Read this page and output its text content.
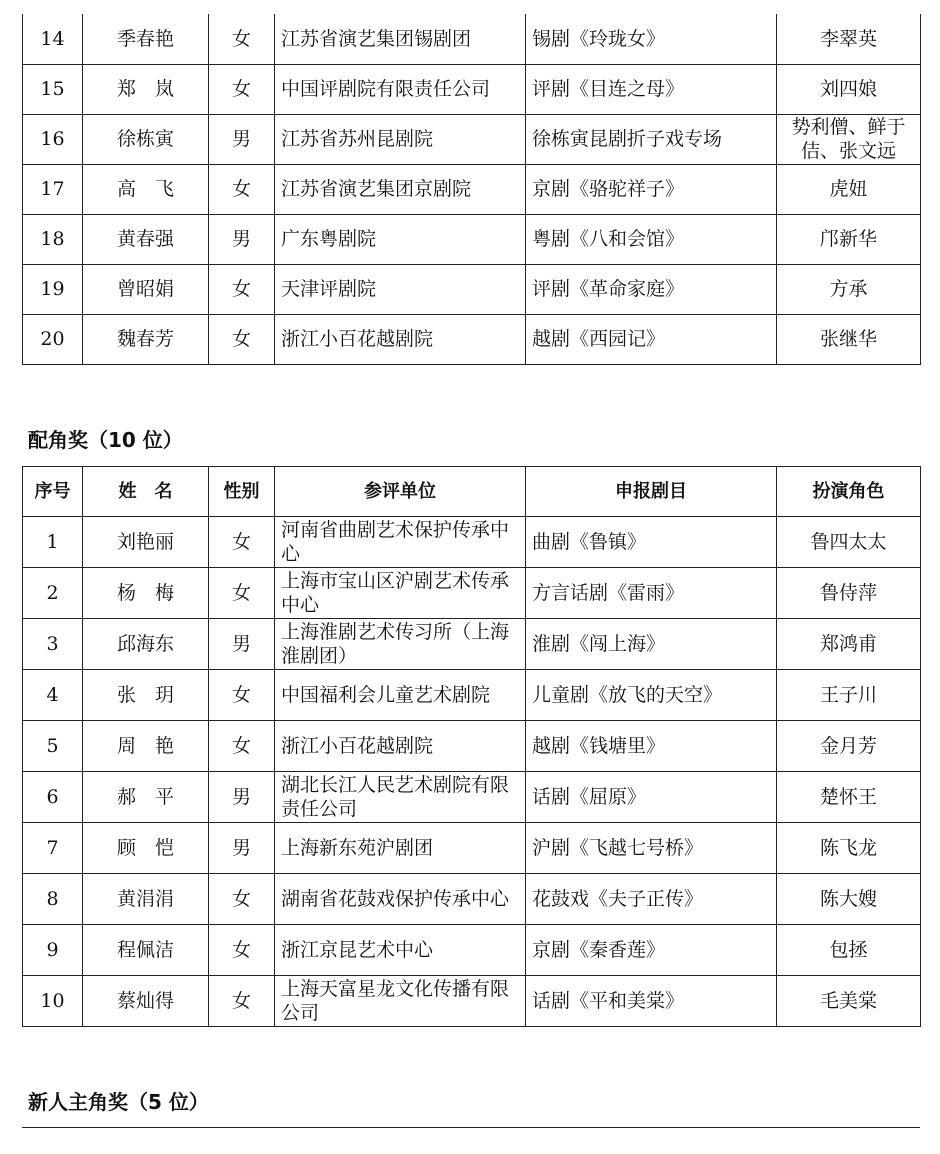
14	季春艳	女	江苏省演艺集团锡剧团	锡剧《玲珑女》	李翠英
15	郑　岚	女	中国评剧院有限责任公司	评剧《目连之母》	刘四娘
16	徐栋寅	男	江苏省苏州昆剧院	徐栋寅昆剧折子戏专场	势利僧、鲜于佶、张文远
17	高　飞	女	江苏省演艺集团京剧院	京剧《骆驼祥子》	虎妞
18	黄春强	男	广东粤剧院	粤剧《八和会馆》	邝新华
19	曾昭娟	女	天津评剧院	评剧《革命家庭》	方承
20	魏春芳	女	浙江小百花越剧院	越剧《西园记》	张继华
配角奖（10 位）
序号	姓　名	性别	参评单位	申报剧目	扮演角色
1	刘艳丽	女	河南省曲剧艺术保护传承中心	曲剧《鲁镇》	鲁四太太
2	杨　梅	女	上海市宝山区沪剧艺术传承中心	方言话剧《雷雨》	鲁侍萍
3	邱海东	男	上海淮剧艺术传习所（上海淮剧团）	淮剧《闯上海》	郑鸿甫
4	张　玥	女	中国福利会儿童艺术剧院	儿童剧《放飞的天空》	王子川
5	周　艳	女	浙江小百花越剧院	越剧《钱塘里》	金月芳
6	郝　平	男	湖北长江人民艺术剧院有限责任公司	话剧《屈原》	楚怀王
7	顾　恺	男	上海新东苑沪剧团	沪剧《飞越七号桥》	陈飞龙
8	黄涓涓	女	湖南省花鼓戏保护传承中心	花鼓戏《夫子正传》	陈大嫂
9	程佩洁	女	浙江京昆艺术中心	京剧《秦香莲》	包拯
10	蔡灿得	女	上海天富星龙文化传播有限公司	话剧《平和美棠》	毛美棠
新人主角奖（5 位）
